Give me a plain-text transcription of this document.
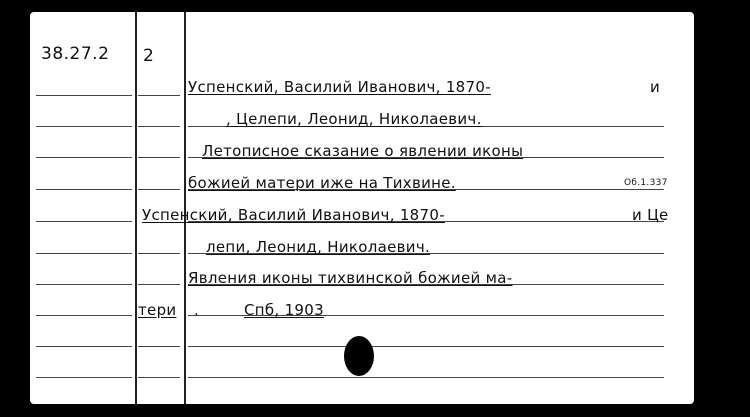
38.27.2 2
Успенский, Василий Иванович, 1870-	и
, Целепи, Леонид, Николаевич.
Летописное сказание о явлении иконы
божией матери иже на Тихвине.	Об.1.337
Успенский, Василий Иванович, 1870-	и Це
лепи, Леонид, Николаевич.
Явления иконы тихвинской божией ма-
тери .	Спб, 1903
